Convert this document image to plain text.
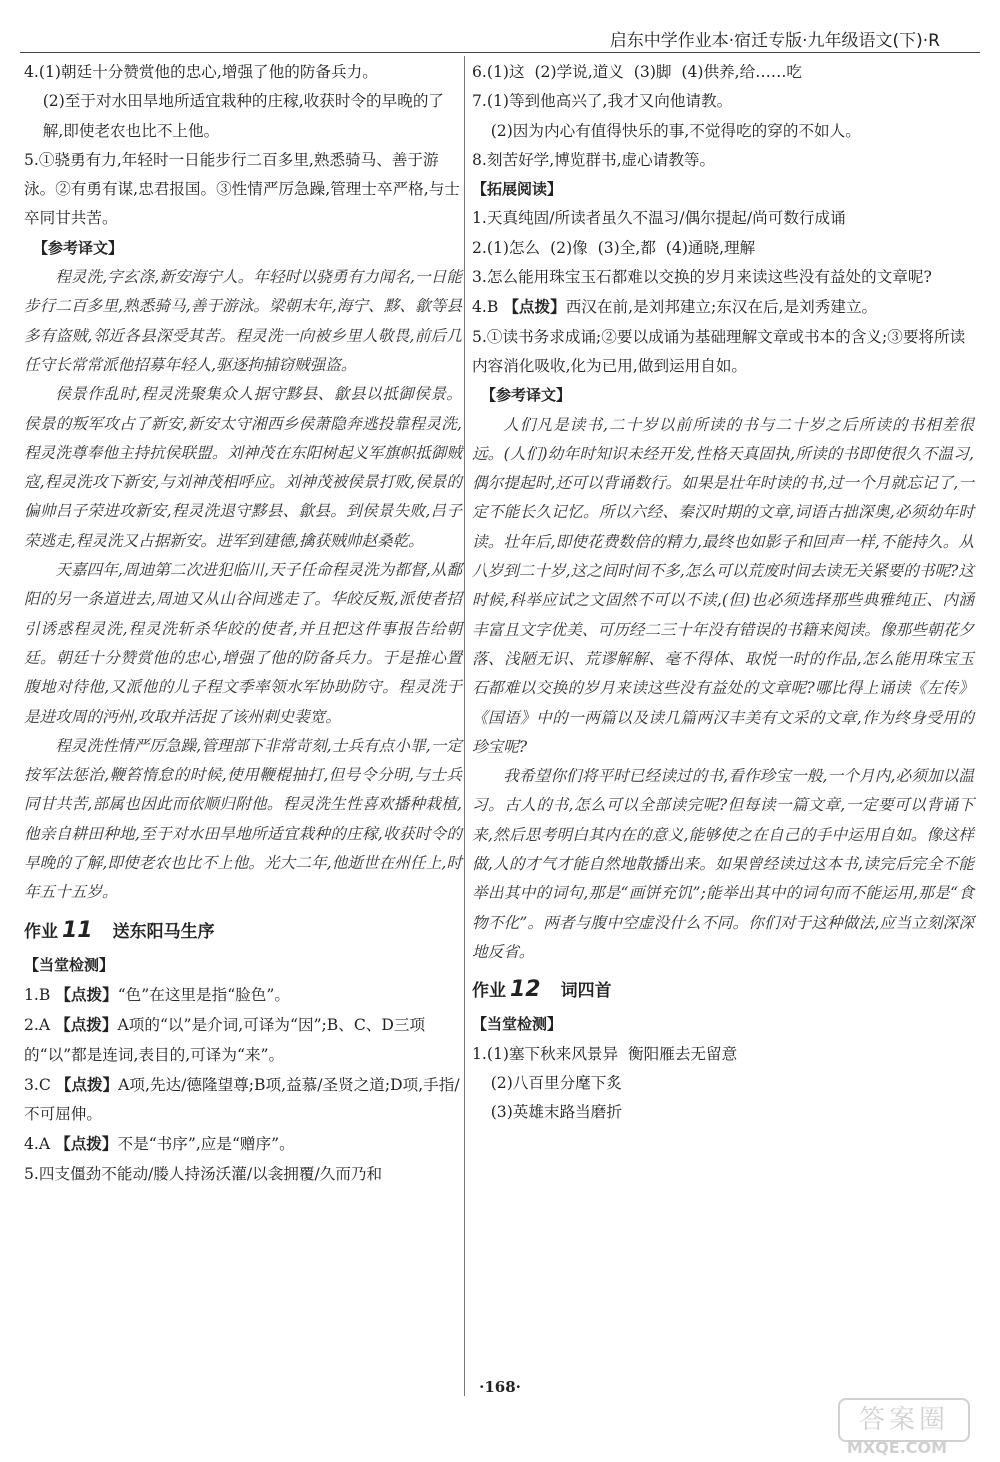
启东中学作业本·宿迁专版·九年级语文(下)·R

4.(1)朝廷十分赞赏他的忠心,增强了他的防备兵力。

(2)至于对水田旱地所适宜栽种的庄稼,收获时令的早晚的了解,即使老农也比不上他。

5.①骁勇有力,年轻时一日能步行二百多里,熟悉骑马、善于游泳。②有勇有谋,忠君报国。③性情严厉急躁,管理士卒严格,与士卒同甘共苦。

【参考译文】

程灵洗,字玄涤,新安海宁人。年轻时以骁勇有力闻名,一日能步行二百多里,熟悉骑马,善于游泳。梁朝末年,海宁、黟、歙等县多有盗贼,邻近各县深受其苦。程灵洗一向被乡里人敬畏,前后几任守长常常派他招募年轻人,驱逐拘捕窃贼强盗。

侯景作乱时,程灵洗聚集众人据守黟县、歙县以抵御侯景。侯景的叛军攻占了新安,新安太守湘西乡侯萧隐奔逃投靠程灵洗,程灵洗尊奉他主持抗侯联盟。刘神茂在东阳树起义军旗帜抵御贼寇,程灵洗攻下新安,与刘神茂相呼应。刘神茂被侯景打败,侯景的偏帅吕子荣进攻新安,程灵洗退守黟县、歙县。到侯景失败,吕子荣逃走,程灵洗又占据新安。进军到建德,擒获贼帅赵桑乾。

天嘉四年,周迪第二次进犯临川,天子任命程灵洗为都督,从鄱阳的另一条道进去,周迪又从山谷间逃走了。华皎反叛,派使者招引诱惑程灵洗,程灵洗斩杀华皎的使者,并且把这件事报告给朝廷。朝廷十分赞赏他的忠心,增强了他的防备兵力。于是推心置腹地对待他,又派他的儿子程文季率领水军协助防守。程灵洗于是进攻周的沔州,攻取并活捉了该州刺史裴宽。

程灵洗性情严厉急躁,管理部下非常苛刻,士兵有点小罪,一定按军法惩治,鞭笞惰怠的时候,使用鞭棍抽打,但号令分明,与士兵同甘共苦,部属也因此而依顺归附他。程灵洗生性喜欢播种栽植,他亲自耕田种地,至于对水田旱地所适宜栽种的庄稼,收获时令的早晚的了解,即使老农也比不上他。光大二年,他逝世在州任上,时年五十五岁。

作业 11 送东阳马生序

【当堂检测】

1.B 【点拨】“色”在这里是指“脸色”。

2.A 【点拨】A项的“以”是介词,可译为“因”;B、C、D三项的“以”都是连词,表目的,可译为“来”。

3.C 【点拨】A项,先达/德隆望尊;B项,益慕/圣贤之道;D项,手指/不可屈伸。

4.A 【点拨】不是“书序”,应是“赠序”。

5.四支僵劲不能动/媵人持汤沃灌/以衾拥覆/久而乃和

6.(1)这  (2)学说,道义  (3)脚  (4)供养,给……吃

7.(1)等到他高兴了,我才又向他请教。

(2)因为内心有值得快乐的事,不觉得吃的穿的不如人。

8.刻苦好学,博览群书,虚心请教等。

【拓展阅读】

1.天真纯固/所读者虽久不温习/偶尔提起/尚可数行成诵

2.(1)怎么  (2)像  (3)全,都  (4)通晓,理解

3.怎么能用珠宝玉石都难以交换的岁月来读这些没有益处的文章呢?

4.B 【点拨】西汉在前,是刘邦建立;东汉在后,是刘秀建立。

5.①读书务求成诵;②要以成诵为基础理解文章或书本的含义;③要将所读内容消化吸收,化为已用,做到运用自如。

【参考译文】

人们凡是读书,二十岁以前所读的书与二十岁之后所读的书相差很远。(人们)幼年时知识未经开发,性格天真固执,所读的书即使很久不温习,偶尔提起时,还可以背诵数行。如果是壮年时读的书,过一个月就忘记了,一定不能长久记忆。所以六经、秦汉时期的文章,词语古拙深奥,必须幼年时读。壮年后,即使花费数倍的精力,最终也如影子和回声一样,不能持久。从八岁到二十岁,这之间时间不多,怎么可以荒废时间去读无关紧要的书呢?这时候,科举应试之文固然不可以不读,(但)也必须选择那些典雅纯正、内涵丰富且文字优美、可历经二三十年没有错误的书籍来阅读。像那些朝花夕落、浅陋无识、荒谬解解、毫不得体、取悦一时的作品,怎么能用珠宝玉石都难以交换的岁月来读这些没有益处的文章呢?哪比得上诵读《左传》《国语》中的一两篇以及读几篇两汉丰美有文采的文章,作为终身受用的珍宝呢?

我希望你们将平时已经读过的书,看作珍宝一般,一个月内,必须加以温习。古人的书,怎么可以全部读完呢?但每读一篇文章,一定要可以背诵下来,然后思考明白其内在的意义,能够使之在自己的手中运用自如。像这样做,人的才气才能自然地散播出来。如果曾经读过这本书,读完后完全不能举出其中的词句,那是“画饼充饥”;能举出其中的词句而不能运用,那是“食物不化”。两者与腹中空虚没什么不同。你们对于这种做法,应当立刻深深地反省。

作业 12 词四首

【当堂检测】

1.(1)塞下秋来风景异  衡阳雁去无留意

(2)八百里分麾下炙

(3)英雄末路当磨折

·168·
答案圈
MXQE.COM
